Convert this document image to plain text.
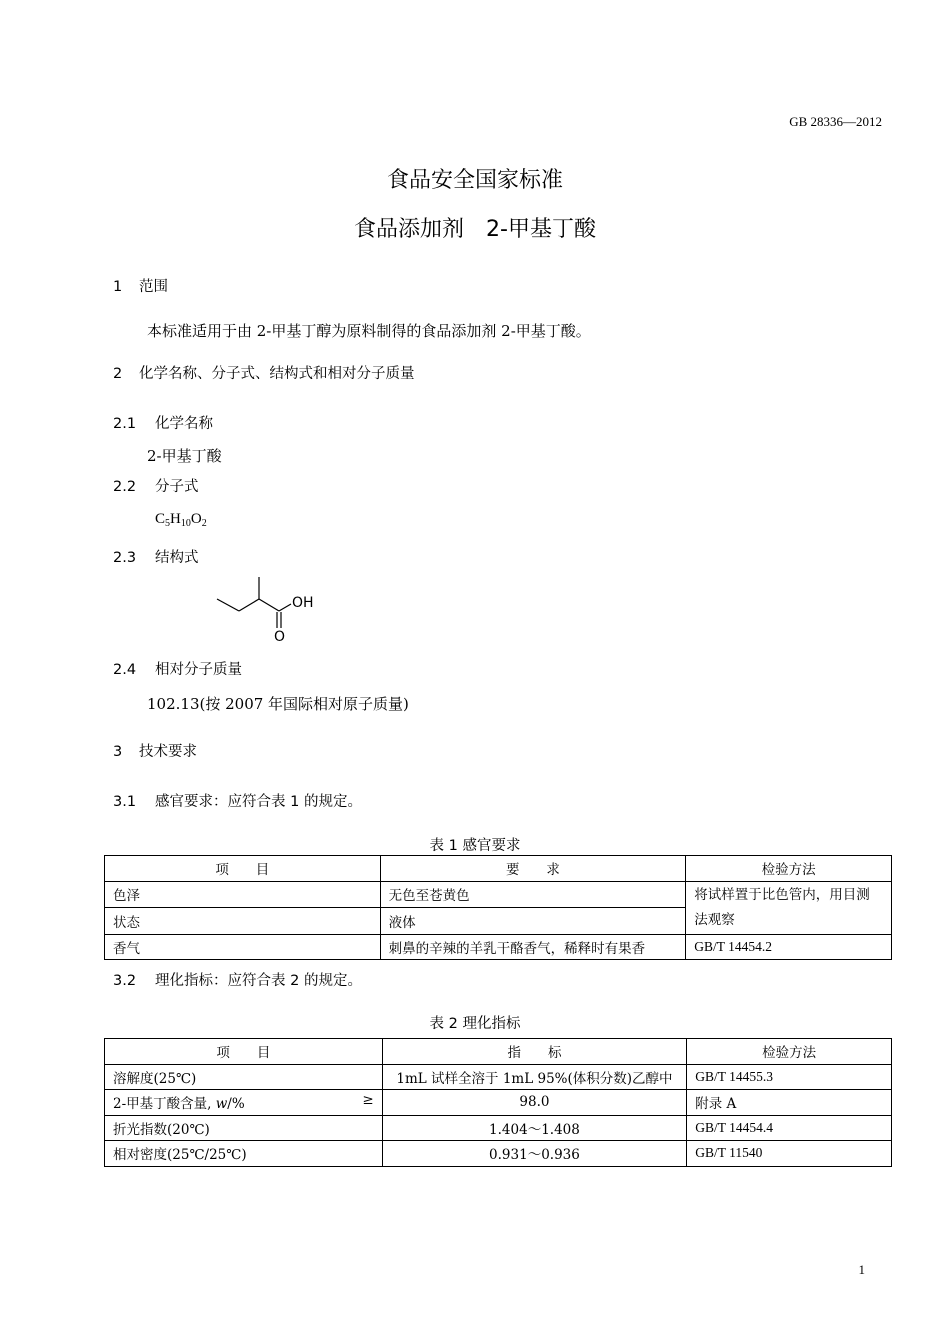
GB 28336—2012
食品安全国家标准
食品添加剂　2-甲基丁酸
1 范围
本标准适用于由 2-甲基丁醇为原料制得的食品添加剂 2-甲基丁酸。
2 化学名称、分子式、结构式和相对分子质量
2.1 化学名称
2-甲基丁酸
2.2 分子式
$C_5H_{10}O_2$
2.3 结构式
OH
O
2.4 相对分子质量
102.13(按 2007 年国际相对原子质量)
3 技术要求
3.1 感官要求：应符合表 1 的规定。
表 1 感官要求
项　　目	要　　求	检验方法
色泽	无色至苍黄色	将试样置于比色管内，用目测法观察
状态	液体	
香气	刺鼻的辛辣的羊乳干酪香气，稀释时有果香	GB/T 14454.2
3.2 理化指标：应符合表 2 的规定。
表 2 理化指标
项　　目	指　　标	检验方法
溶解度(25℃)	1mL 试样全溶于 1mL 95%(体积分数)乙醇中	GB/T 14455.3
2-甲基丁酸含量, w/% ≥	98.0	附录 A
折光指数(20℃)	1.404～1.408	GB/T 14454.4
相对密度(25℃/25℃)	0.931～0.936	GB/T 11540
1
